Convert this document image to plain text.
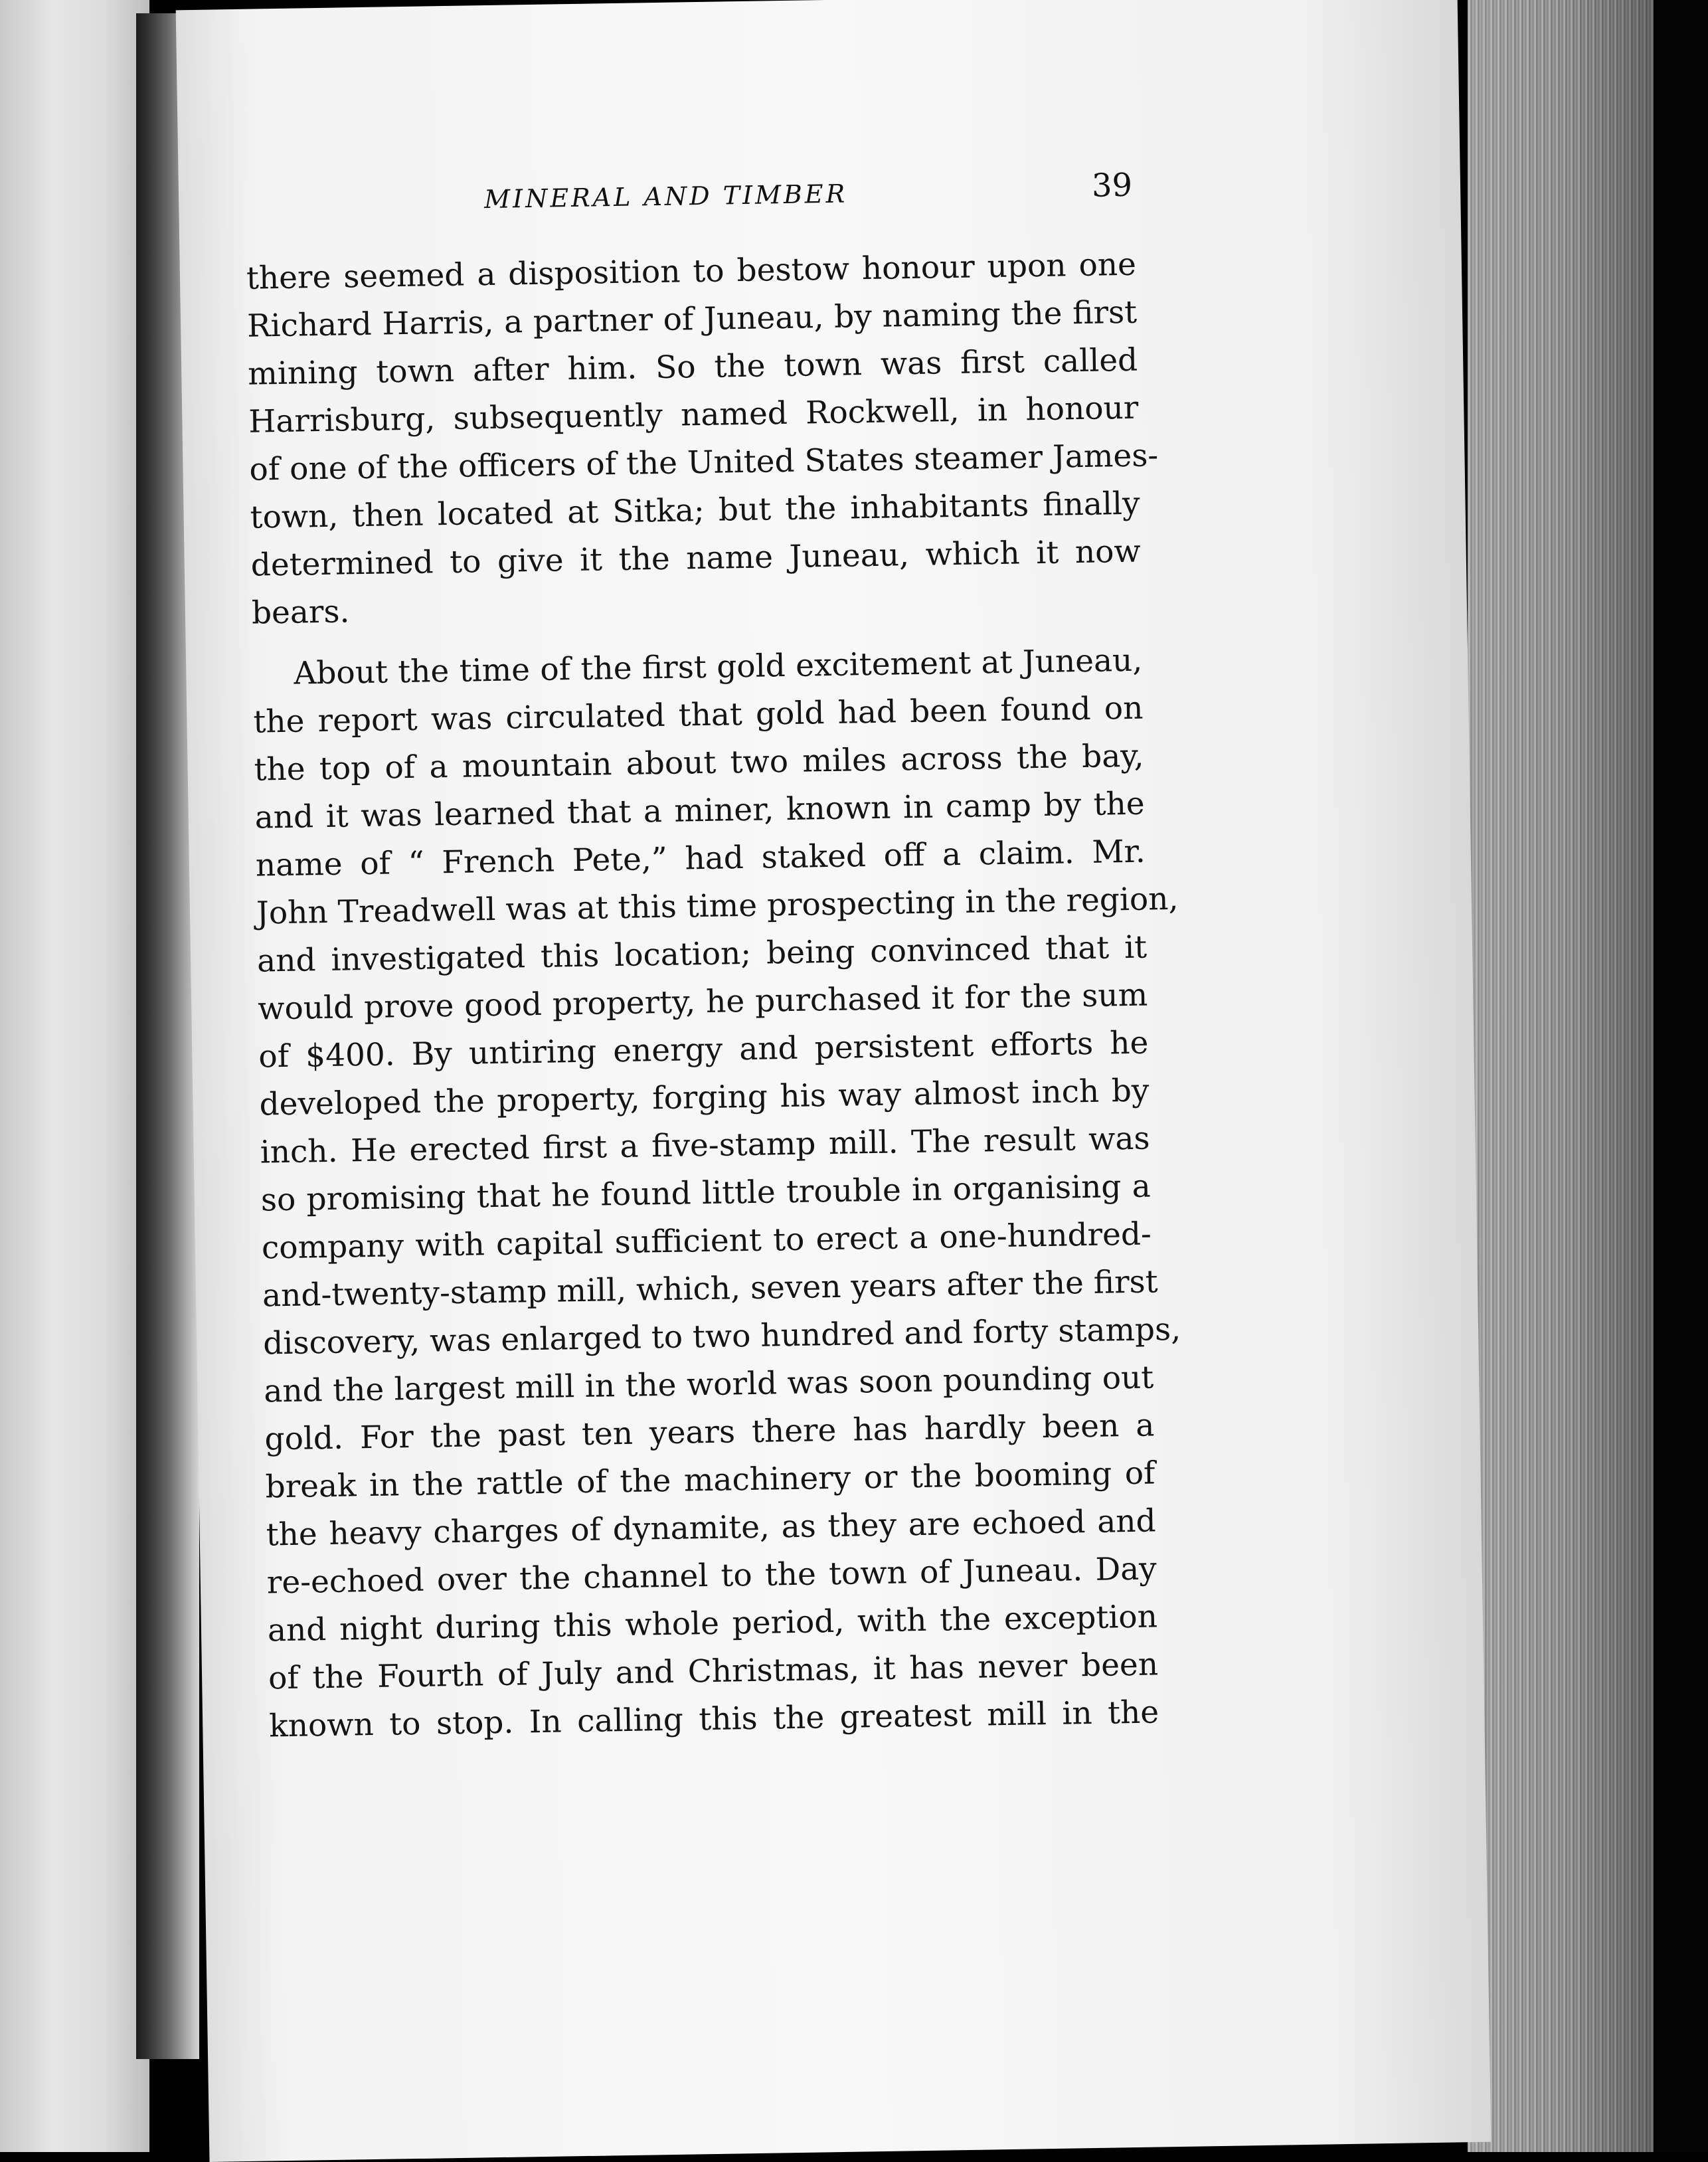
MINERAL AND TIMBER	39
there seemed a disposition to bestow honour upon one
Richard Harris, a partner of Juneau, by naming the first
mining town after him. So the town was first called
Harrisburg, subsequently named Rockwell, in honour
of one of the officers of the United States steamer James-
town, then located at Sitka; but the inhabitants finally
determined to give it the name Juneau, which it now
bears.
About the time of the first gold excitement at Juneau,
the report was circulated that gold had been found on
the top of a mountain about two miles across the bay,
and it was learned that a miner, known in camp by the
name of “ French Pete,” had staked off a claim. Mr.
John Treadwell was at this time prospecting in the region,
and investigated this location; being convinced that it
would prove good property, he purchased it for the sum
of $400. By untiring energy and persistent efforts he
developed the property, forging his way almost inch by
inch. He erected first a five-stamp mill. The result was
so promising that he found little trouble in organising a
company with capital sufficient to erect a one-hundred-
and-twenty-stamp mill, which, seven years after the first
discovery, was enlarged to two hundred and forty stamps,
and the largest mill in the world was soon pounding out
gold. For the past ten years there has hardly been a
break in the rattle of the machinery or the booming of
the heavy charges of dynamite, as they are echoed and
re-echoed over the channel to the town of Juneau. Day
and night during this whole period, with the exception
of the Fourth of July and Christmas, it has never been
known to stop. In calling this the greatest mill in the
